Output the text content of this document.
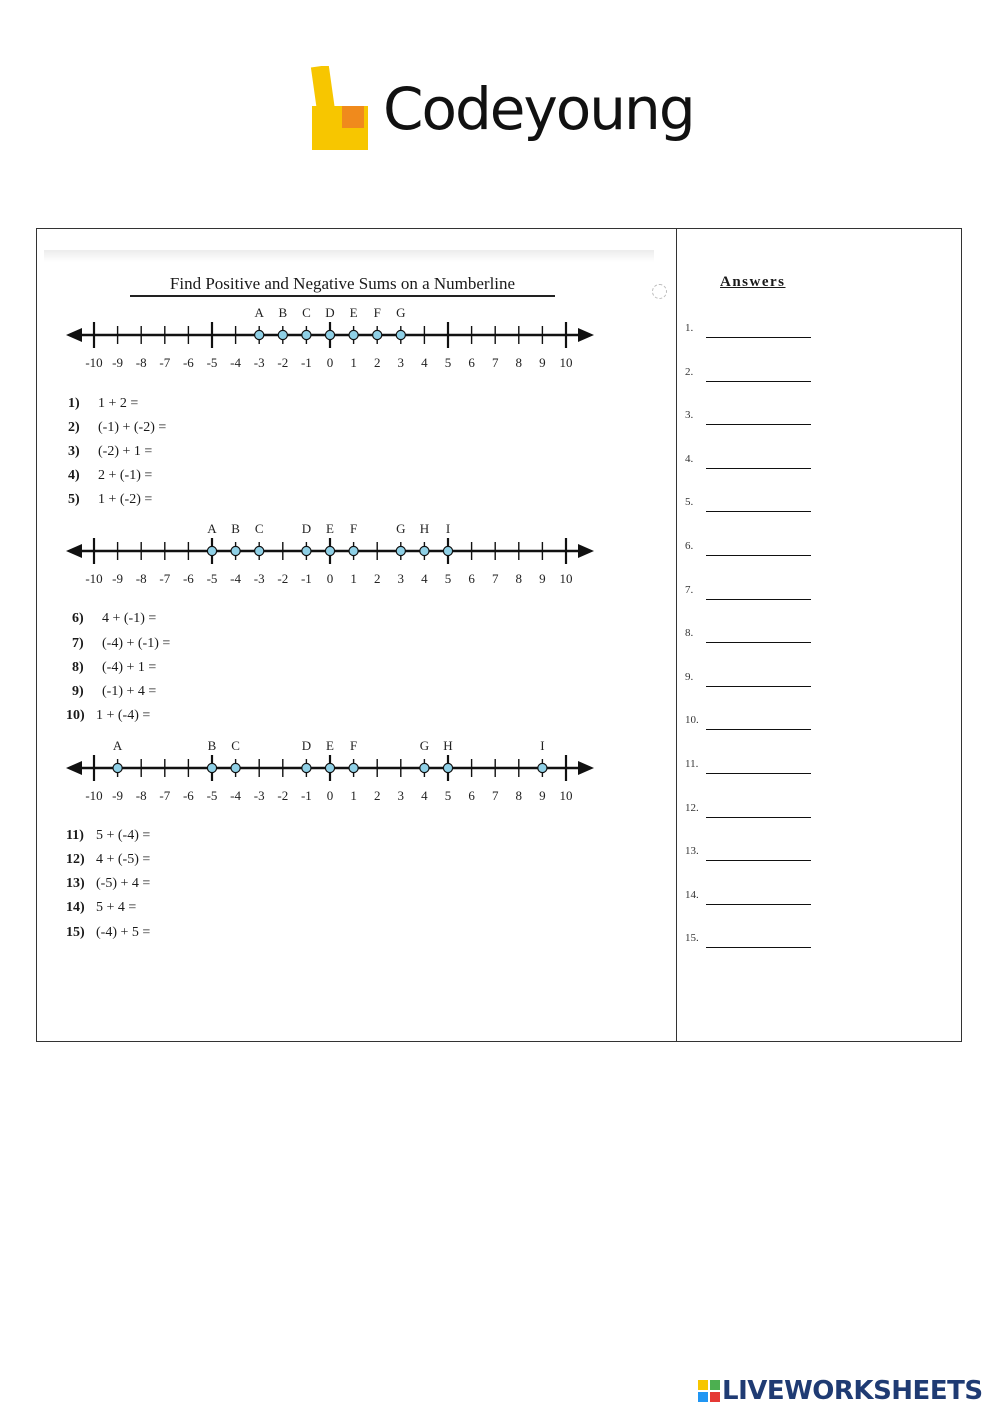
Codeyoung
Find Positive and Negative Sums on a Numberline
-10 -9 -8 -7 -6 -5 -4 -3 -2 -1 0 1 2 3 4 5 6 7 8 9 10
A B C D E F G
-10 -9 -8 -7 -6 -5 -4 -3 -2 -1 0 1 2 3 4 5 6 7 8 9 10
A B C	D E F	G H I
-10 -9 -8 -7 -6 -5 -4 -3 -2 -1 0 1 2 3 4 5 6 7 8 9 10
A	B C	D E F	G H	I
1) 1 + 2 =
2) (-1) + (-2) =
3) (-2) + 1 =
4) 2 + (-1) =
5) 1 + (-2) =
6) 4 + (-1) =
7) (-4) + (-1) =
8) (-4) + 1 =
9) (-1) + 4 =
10) 1 + (-4) =
11) 5 + (-4) =
12) 4 + (-5) =
13) (-5) + 4 =
14) 5 + 4 =
15) (-4) + 5 =
Answers
1.
2.
3.
4.
5.
6.
7.
8.
9.
10.
11.
12.
13.
14.
15.
LIVEWORKSHEETS
